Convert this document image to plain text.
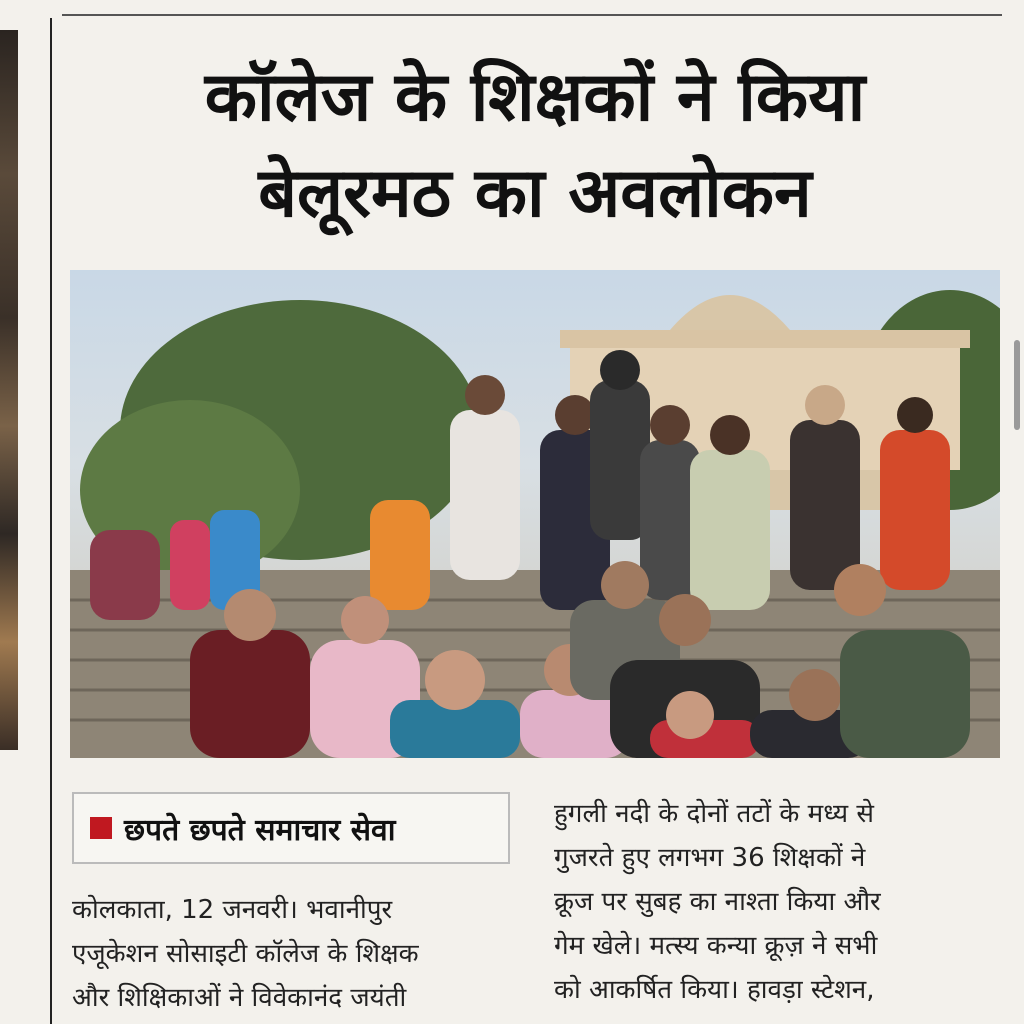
कॉलेज के शिक्षकों ने किया
बेलूरमठ का अवलोकन
छपते छपते समाचार सेवा
कोलकाता, 12 जनवरी। भवानीपुर
एजूकेशन सोसाइटी कॉलेज के शिक्षक
और शिक्षिकाओं ने विवेकानंद जयंती
हुगली नदी के दोनों तटों के मध्य से
गुजरते हुए लगभग 36 शिक्षकों ने
क्रूज पर सुबह का नाश्ता किया और
गेम खेले। मत्स्य कन्या क्रूज़ ने सभी
को आकर्षित किया। हावड़ा स्टेशन,
